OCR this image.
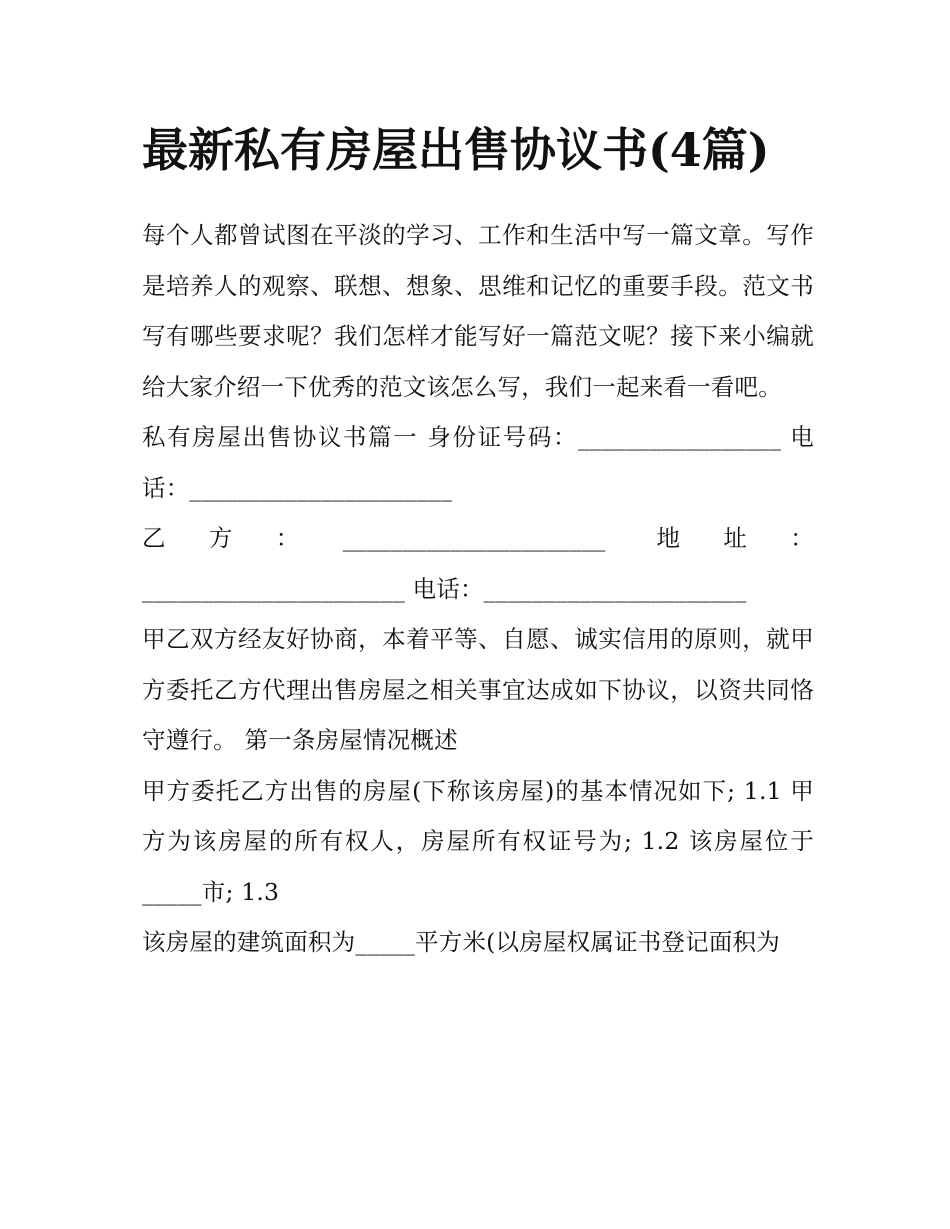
最新私有房屋出售协议书(4篇)

每个人都曾试图在平淡的学习、工作和生活中写一篇文章。写作是培养人的观察、联想、想象、思维和记忆的重要手段。范文书写有哪些要求呢？我们怎样才能写好一篇范文呢？接下来小编就给大家介绍一下优秀的范文该怎么写，我们一起来看一看吧。

私有房屋出售协议书篇一 身份证号码：_________________ 电话：______________________

乙方：______________________ 地址：______________________ 电话：______________________

甲乙双方经友好协商，本着平等、自愿、诚实信用的原则，就甲方委托乙方代理出售房屋之相关事宜达成如下协议，以资共同恪守遵行。 第一条房屋情况概述

甲方委托乙方出售的房屋(下称该房屋)的基本情况如下; 1.1 甲方为该房屋的所有权人，房屋所有权证号为; 1.2 该房屋位于_____市; 1.3

该房屋的建筑面积为_____平方米(以房屋权属证书登记面积为
